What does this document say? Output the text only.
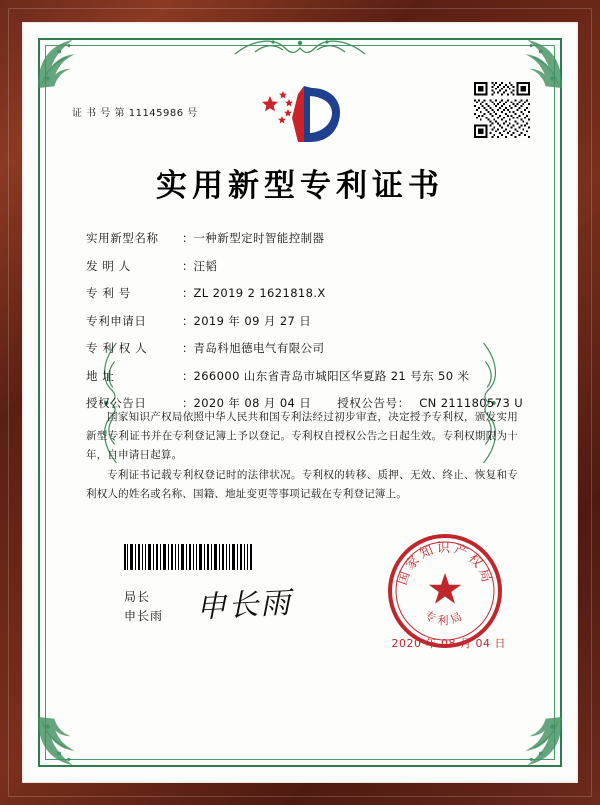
证 书 号 第 11145986 号
实用新型专利证书
实用新型名称	： 一种新型定时智能控制器
发 明 人	： 汪韬
专 利 号	： ZL 2019 2 1621818.X
专利申请日	： 2019 年 09 月 27 日
专 利 权 人	： 青岛科旭德电气有限公司
地 址	： 266000 山东省青岛市城阳区华夏路 21 号东 50 米
授权公告日	： 2020 年 08 月 04 日 授权公告号 ： CN 211180573 U
国家知识产权局依照中华人民共和国专利法经过初步审查，决定授予专利权，颁发实用新型专利证书并在专利登记簿上予以登记。专利权自授权公告之日起生效。专利权期限为十年，自申请日起算。
专利证书记载专利权登记时的法律状况。专利权的转移、质押、无效、终止、恢复和专利权人的姓名或名称、国籍、地址变更等事项记载在专利登记簿上。
局长
申长雨 申长雨
国家知识产权局
专利局
2020 年 08 月 04 日
